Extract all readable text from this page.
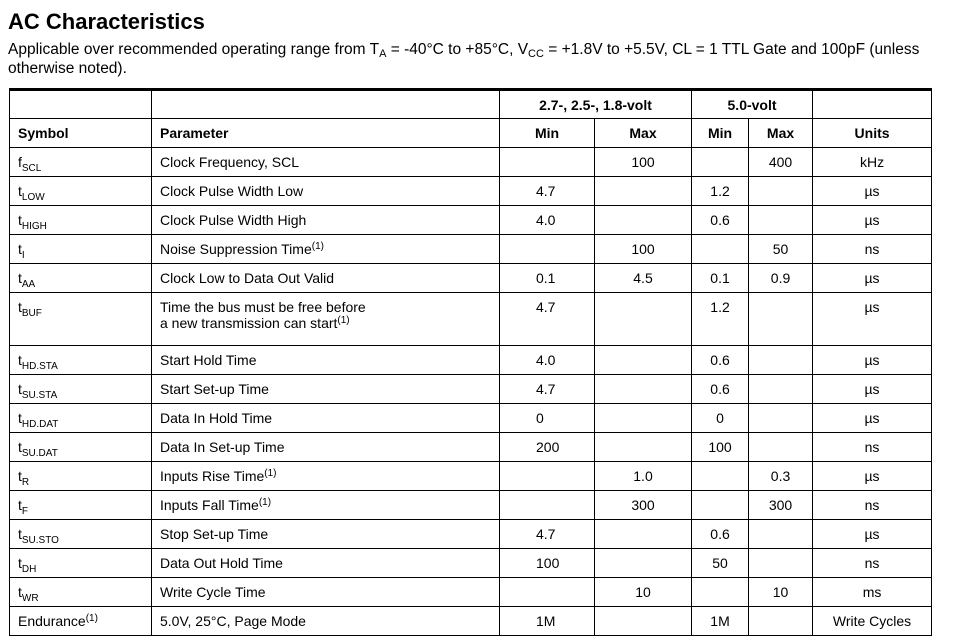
AC Characteristics

Applicable over recommended operating range from $T_A = -40^\circ C$ to +85°C, $V_{CC} = +1.8V$ to +5.5V, CL = 1 TTL Gate and 100pF (unless otherwise noted).

		2.7-, 2.5-, 1.8-volt		5.0-volt		
Symbol	Parameter	Min	Max	Min	Max	Units
$f_{SCL}$	Clock Frequency, SCL		100		400	kHz
$t_{LOW}$	Clock Pulse Width Low	4.7		1.2		µs
$t_{HIGH}$	Clock Pulse Width High	4.0		0.6		µs
$t_I$	Noise Suppression Time$^{(1)}$		100		50	ns
$t_{AA}$	Clock Low to Data Out Valid	0.1	4.5	0.1	0.9	µs
$t_{BUF}$	Time the bus must be free before
a new transmission can start$^{(1)}$	4.7		1.2		µs
$t_{HD.STA}$	Start Hold Time	4.0		0.6		µs
$t_{SU.STA}$	Start Set-up Time	4.7		0.6		µs
$t_{HD.DAT}$	Data In Hold Time	0		0		µs
$t_{SU.DAT}$	Data In Set-up Time	200		100		ns
$t_R$	Inputs Rise Time$^{(1)}$		1.0		0.3	µs
$t_F$	Inputs Fall Time$^{(1)}$		300		300	ns
$t_{SU.STO}$	Stop Set-up Time	4.7		0.6		µs
$t_{DH}$	Data Out Hold Time	100		50		ns
$t_{WR}$	Write Cycle Time		10		10	ms
Endurance$^{(1)}$	5.0V, 25°C, Page Mode	1M		1M		Write Cycles
